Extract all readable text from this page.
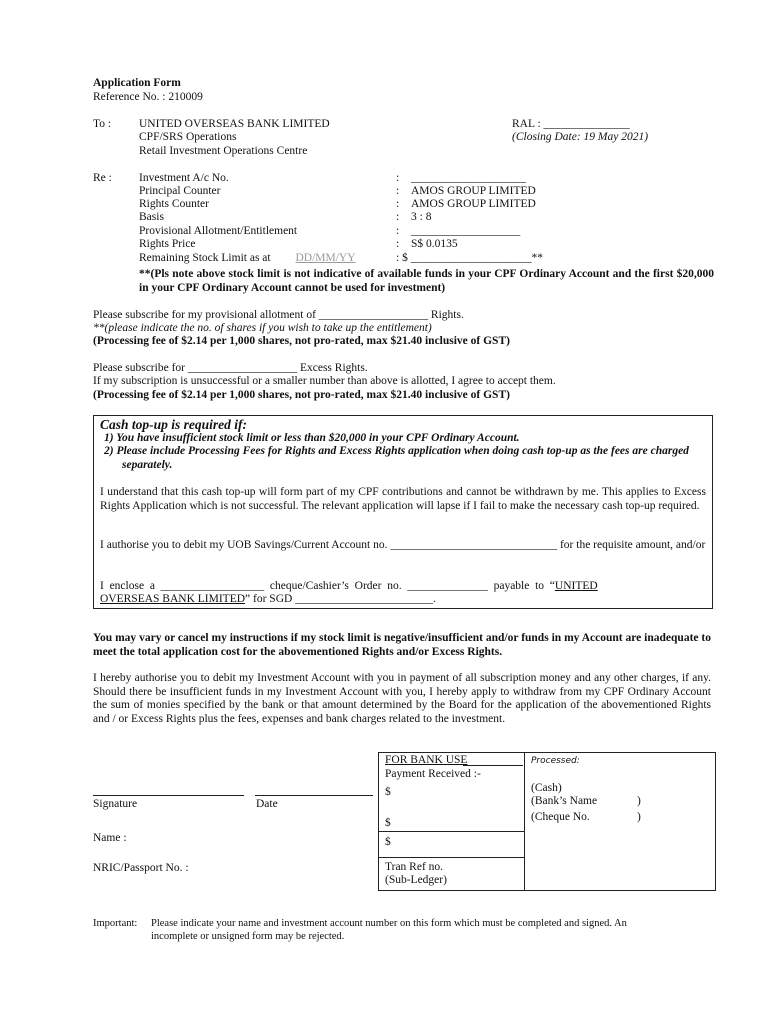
Application Form
Reference No. : 210009
To : UNITED OVERSEAS BANK LIMITED
CPF/SRS Operations
Retail Investment Operations Centre
RAL : _______________
(Closing Date: 19 May 2021)
Re : Investment A/c No.	: ____________________
Principal Counter	: AMOS GROUP LIMITED
Rights Counter	: AMOS GROUP LIMITED
Basis	: 3 : 8
Provisional Allotment/Entitlement	: ___________________
Rights Price	: S$ 0.0135
Remaining Stock Limit as at DD/MM/YY	: $ _____________________**
**(Pls note above stock limit is not indicative of available funds in your CPF Ordinary Account and the first $20,000 in your CPF Ordinary Account cannot be used for investment)
Please subscribe for my provisional allotment of ___________________ Rights.
**(please indicate the no. of shares if you wish to take up the entitlement)
(Processing fee of $2.14 per 1,000 shares, not pro-rated, max $21.40 inclusive of GST)
Please subscribe for ___________________ Excess Rights.
If my subscription is unsuccessful or a smaller number than above is allotted, I agree to accept them.
(Processing fee of $2.14 per 1,000 shares, not pro-rated, max $21.40 inclusive of GST)
Cash top-up is required if:
1) You have insufficient stock limit or less than $20,000 in your CPF Ordinary Account.
2) Please include Processing Fees for Rights and Excess Rights application when doing cash top-up as the fees are charged separately.
I understand that this cash top-up will form part of my CPF contributions and cannot be withdrawn by me. This applies to Excess Rights Application which is not successful. The relevant application will lapse if I fail to make the necessary cash top-up required.
I authorise you to debit my UOB Savings/Current Account no. _____________________________ for the requisite amount, and/or
I  enclose  a  __________________  cheque/Cashier’s  Order  no.  ______________  payable  to  “UNITED
OVERSEAS BANK LIMITED” for SGD ________________________.
You may vary or cancel my instructions if my stock limit is negative/insufficient and/or funds in my Account are inadequate to meet the total application cost for the abovementioned Rights and/or Excess Rights.
I hereby authorise you to debit my Investment Account with you in payment of all subscription money and any other charges, if any. Should there be insufficient funds in my Investment Account with you, I hereby apply to withdraw from my CPF Ordinary Account the sum of monies specified by the bank or that amount determined by the Board for the application of the abovementioned Rights and / or Excess Rights plus the fees, expenses and bank charges related to the investment.
Signature	Date
Name :
NRIC/Passport No. :
FOR BANK USE	Processed:
Payment Received :-
$	(Cash)
(Bank’s Name	)
$	(Cheque No.	)
$
Tran Ref no.
(Sub-Ledger)
Important: Please indicate your name and investment account number on this form which must be completed and signed. An
incomplete or unsigned form may be rejected.
